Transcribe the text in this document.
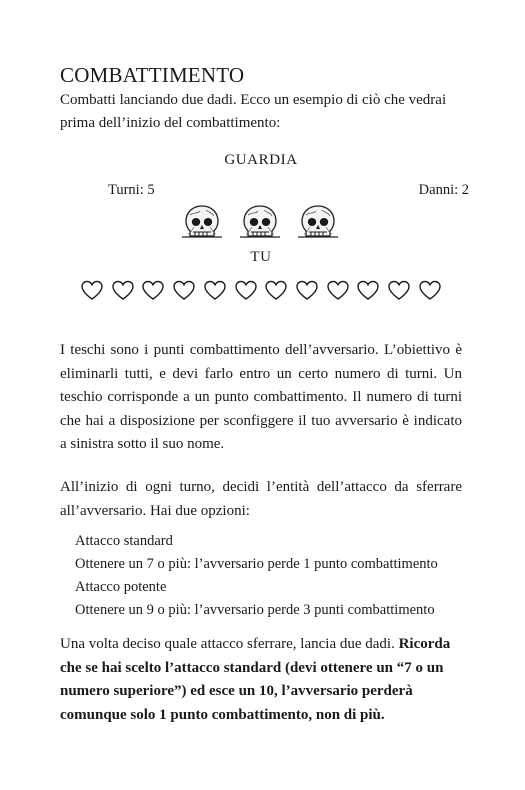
COMBATTIMENTO

Combatti lanciando due dadi. Ecco un esempio di ciò che vedrai prima dell’inizio del combattimento:

GUARDIA
Turni: 5	Danni: 2
TU

I teschi sono i punti combattimento dell’avversario. L’obiettivo è eliminarli tutti, e devi farlo entro un certo numero di turni. Un teschio corrisponde a un punto combattimento. Il numero di turni che hai a disposizione per sconfiggere il tuo avversario è indicato a sinistra sotto il suo nome.

All’inizio di ogni turno, decidi l’entità dell’attacco da sferrare all’avversario. Hai due opzioni:

Attacco standard
Ottenere un 7 o più: l’avversario perde 1 punto combattimento
Attacco potente
Ottenere un 9 o più: l’avversario perde 3 punti combattimento

Una volta deciso quale attacco sferrare, lancia due dadi. Ricorda che se hai scelto l’attacco standard (devi ottenere un “7 o un numero superiore”) ed esce un 10, l’avversario perderà comunque solo 1 punto combattimento, non di più.
